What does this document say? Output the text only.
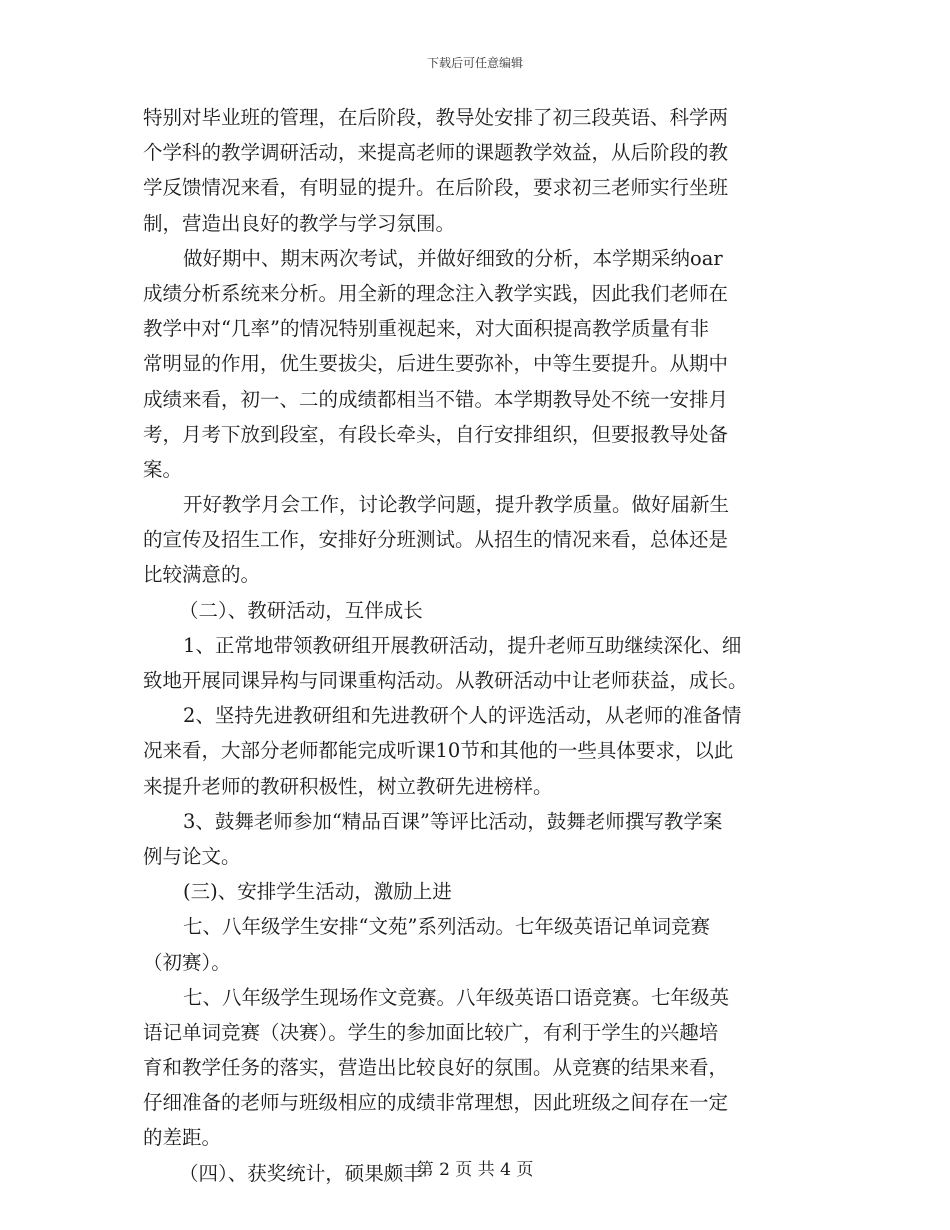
下载后可任意编辑
特别对毕业班的管理，在后阶段，教导处安排了初三段英语、科学两
个学科的教学调研活动，来提高老师的课题教学效益，从后阶段的教
学反馈情况来看，有明显的提升。在后阶段，要求初三老师实行坐班
制，营造出良好的教学与学习氛围。
做好期中、期末两次考试，并做好细致的分析，本学期采纳oar
成绩分析系统来分析。用全新的理念注入教学实践，因此我们老师在
教学中对“几率”的情况特别重视起来，对大面积提高教学质量有非
常明显的作用，优生要拔尖，后进生要弥补，中等生要提升。从期中
成绩来看，初一、二的成绩都相当不错。本学期教导处不统一安排月
考，月考下放到段室，有段长牵头，自行安排组织，但要报教导处备
案。
开好教学月会工作，讨论教学问题，提升教学质量。做好届新生
的宣传及招生工作，安排好分班测试。从招生的情况来看，总体还是
比较满意的。
（二）、教研活动，互伴成长
1、正常地带领教研组开展教研活动，提升老师互助继续深化、细
致地开展同课异构与同课重构活动。从教研活动中让老师获益，成长。
2、坚持先进教研组和先进教研个人的评选活动，从老师的准备情
况来看，大部分老师都能完成听课10节和其他的一些具体要求，以此
来提升老师的教研积极性，树立教研先进榜样。
3、鼓舞老师参加“精品百课”等评比活动，鼓舞老师撰写教学案
例与论文。
(三)、安排学生活动，激励上进
七、八年级学生安排“文苑”系列活动。七年级英语记单词竞赛
（初赛）。
七、八年级学生现场作文竞赛。八年级英语口语竞赛。七年级英
语记单词竞赛（决赛）。学生的参加面比较广，有利于学生的兴趣培
育和教学任务的落实，营造出比较良好的氛围。从竞赛的结果来看，
仔细准备的老师与班级相应的成绩非常理想，因此班级之间存在一定
的差距。
（四）、获奖统计，硕果颇丰
第 2 页 共 4 页
